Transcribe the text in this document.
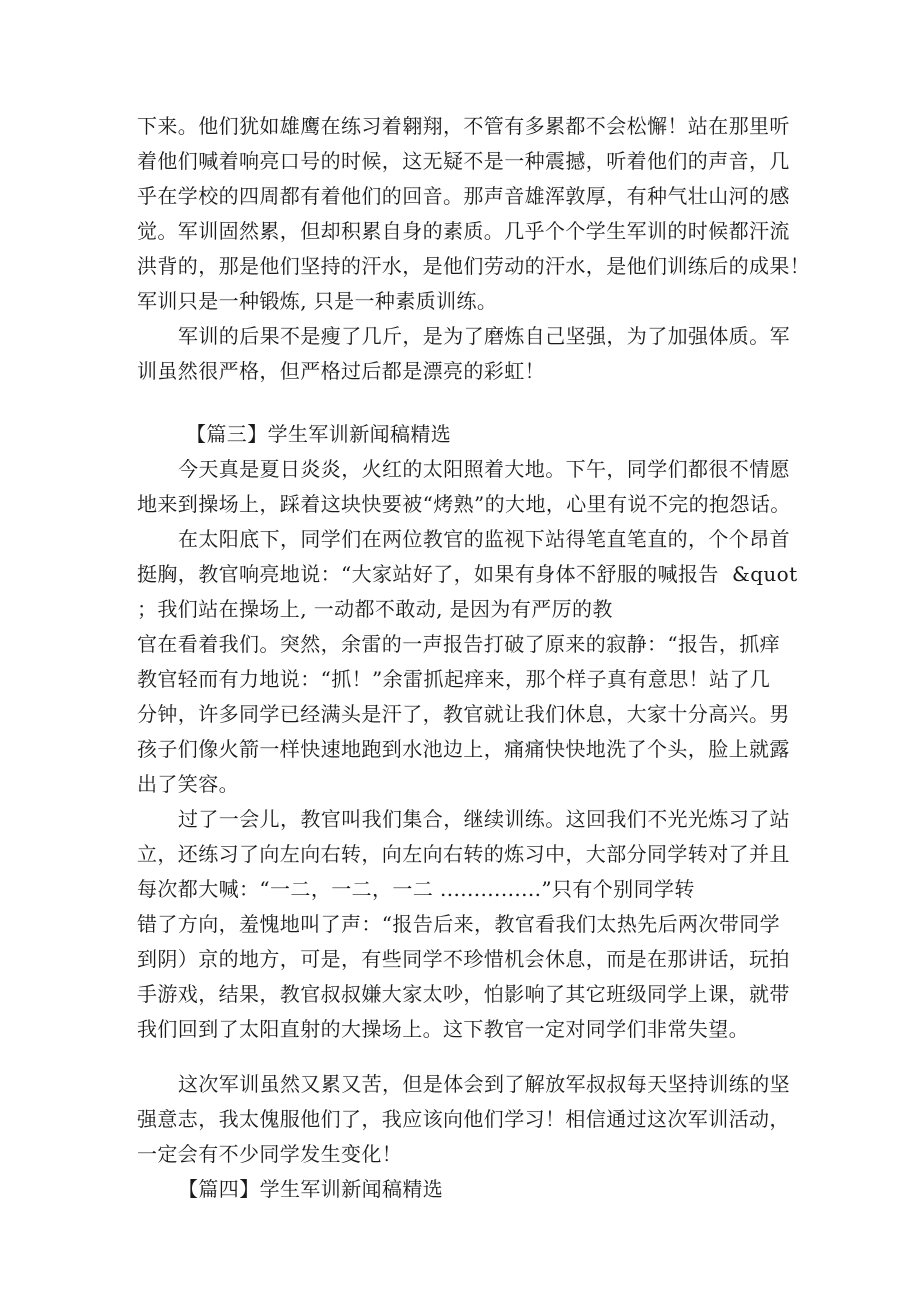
下来。他们犹如雄鹰在练习着翱翔，不管有多累都不会松懈！站在那里听
着他们喊着响亮口号的时候，这无疑不是一种震撼，听着他们的声音，几
乎在学校的四周都有着他们的回音。那声音雄浑敦厚，有种气壮山河的感
觉。军训固然累，但却积累自身的素质。几乎个个学生军训的时候都汗流
洪背的，那是他们坚持的汗水，是他们劳动的汗水，是他们训练后的成果！
军训只是一种锻炼, 只是一种素质训练。
军训的后果不是瘦了几斤，是为了磨炼自己坚强，为了加强体质。军
训虽然很严格，但严格过后都是漂亮的彩虹！
【篇三】学生军训新闻稿精选
今天真是夏日炎炎，火红的太阳照着大地。下午，同学们都很不情愿
地来到操场上，踩着这块快要被“烤熟”的大地，心里有说不完的抱怨话。
在太阳底下，同学们在两位教官的监视下站得笔直笔直的，个个昂首
挺胸，教官响亮地说：“大家站好了，如果有身体不舒服的喊报告 &quot
；我们站在操场上, 一动都不敢动, 是因为有严厉的教
官在看着我们。突然，余雷的一声报告打破了原来的寂静：“报告，抓痒
教官轻而有力地说：“抓！”余雷抓起痒来，那个样子真有意思！站了几
分钟，许多同学已经满头是汗了，教官就让我们休息，大家十分高兴。男
孩子们像火箭一样快速地跑到水池边上，痛痛快快地洗了个头，脸上就露
出了笑容。
过了一会儿，教官叫我们集合，继续训练。这回我们不光光炼习了站
立，还练习了向左向右转，向左向右转的炼习中，大部分同学转对了并且
每次都大喊：“一二，一二，一二 ...............”只有个别同学转
错了方向，羞愧地叫了声：“报告后来，教官看我们太热先后两次带同学
到阴）京的地方，可是，有些同学不珍惜机会休息，而是在那讲话，玩拍
手游戏，结果，教官叔叔嫌大家太吵，怕影响了其它班级同学上课，就带
我们回到了太阳直射的大操场上。这下教官一定对同学们非常失望。
这次军训虽然又累又苦，但是体会到了解放军叔叔每天坚持训练的坚
强意志，我太傀服他们了，我应该向他们学习！相信通过这次军训活动，
一定会有不少同学发生变化！
【篇四】学生军训新闻稿精选
